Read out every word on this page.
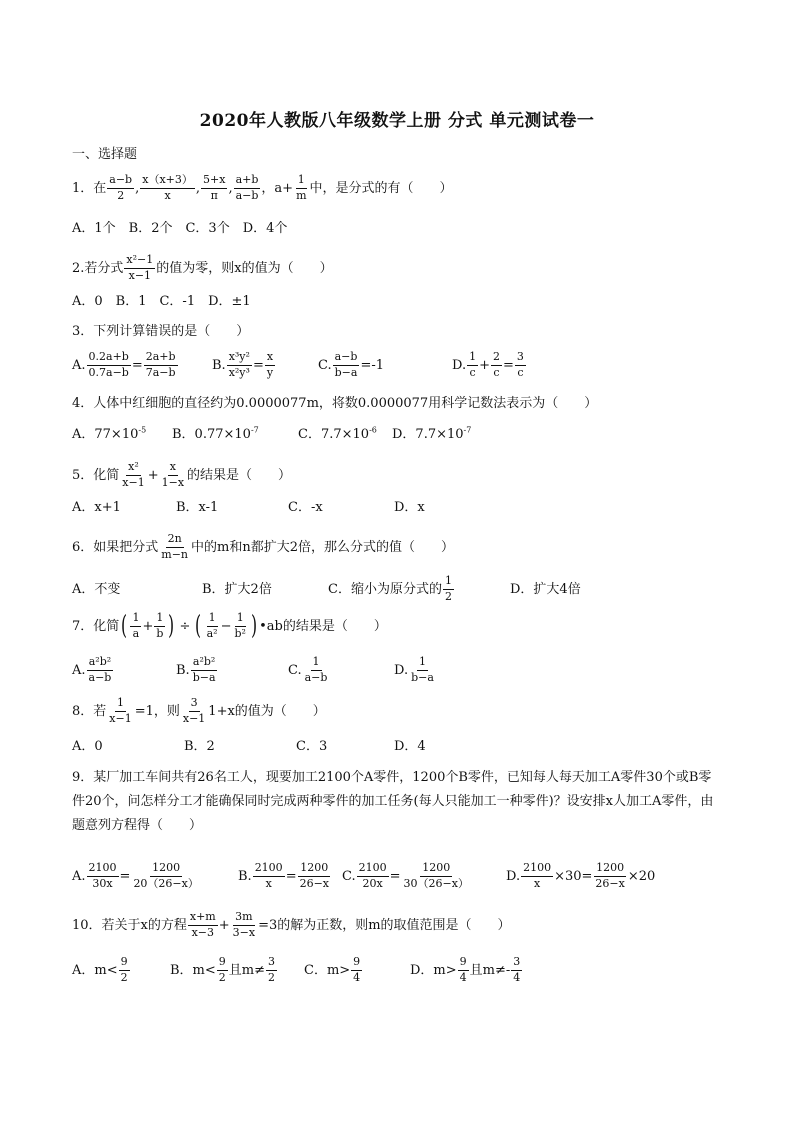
2020年人教版八年级数学上册 分式 单元测试卷一
一、选择题
1．在 $\frac{a-b}{2}$ , $\frac{x(x+3)}{x}$ , $\frac{5+x}{\pi}$ , $\frac{a+b}{a-b}$ ，$a+ \frac{1}{m}$ 中，是分式的有（　　）
A．1个　B．2个　C．3个　D．4个
2.若分式 $\frac{\text{x²−1}}{x-1}$ 的值为零，则x的值为（　　）
A．0　B．1　C．-1　D．±1
3．下列计算错误的是（　　）
A. $\frac{0.2a+b}{0.7a-b} = \frac{2a+b}{7a-b}$	B. $\frac{\text{x³y²}}{\text{x²y³}} = \frac{x}{y}$	C. $\frac{a-b}{b-a} =-1$	D. $\frac{1}{c} + \frac{2}{c} = \frac{3}{c}$
4．人体中红细胞的直径约为0.0000077m，将数0.0000077用科学记数法表示为（　　）
A．$77\times 10^{-5}$	B．$0.77\times 10^{-7}$	C．$7.7\times 10^{-6}$	D．$7.7\times 10^{-7}$
5．化简 $\frac{\text{x²}}{x-1} + \frac{x}{1-x}$ 的结果是（　　）
A．x+1	B．x-1	C．-x	D．x
6．如果把分式 $\frac{2n}{m-n}$ 中的m和n都扩大2倍，那么分式的值（　　）
A．不变	B．扩大2倍	C．缩小为原分式的 $\frac{1}{2}$	D．扩大4倍
7．化简 ( $\frac{1}{a} + \frac{1}{b}$ ) ÷ ( $\frac{1}{\text{a²}} - \frac{1}{\text{b²}}$ ) •ab的结果是（　　）
A. $\frac{\text{a²b²}}{a-b}$	B. $\frac{\text{a²b²}}{b-a}$	C. $\frac{1}{a-b}$	D. $\frac{1}{b-a}$
8．若 $\frac{1}{x-1} =1$，则 $\frac{3}{x-1} 1+x$的值为（　　）
A．0	B．2	C．3	D．4
9．某厂加工车间共有26名工人，现要加工2100个A零件，1200个B零件，已知每人每天加工A零件30个或B零件20个，问怎样分工才能确保同时完成两种零件的加工任务(每人只能加工一种零件)？设安排x人加工A零件，由题意列方程得（　　）
A. $\frac{2100}{30x} = \frac{1200}{20(26-x)}$	B. $\frac{2100}{x} = \frac{1200}{26-x} C$. $\frac{2100}{20x} = \frac{1200}{30(26-x)}$	D. $\frac{2100}{x} \times 30= \frac{1200}{26-x} \times 20$
10．若关于x的方程 $\frac{x+m}{x-3} + \frac{3m}{3-x} =3$的解为正数，则m的取值范围是（　　）
A．$m< \frac{9}{2}$	B．$m< \frac{9}{2}$ 且$m\ne \frac{3}{2}$ C．$m> \frac{9}{4}$	D．$m> \frac{9}{4}$ 且$m\ne- \frac{3}{4}$
